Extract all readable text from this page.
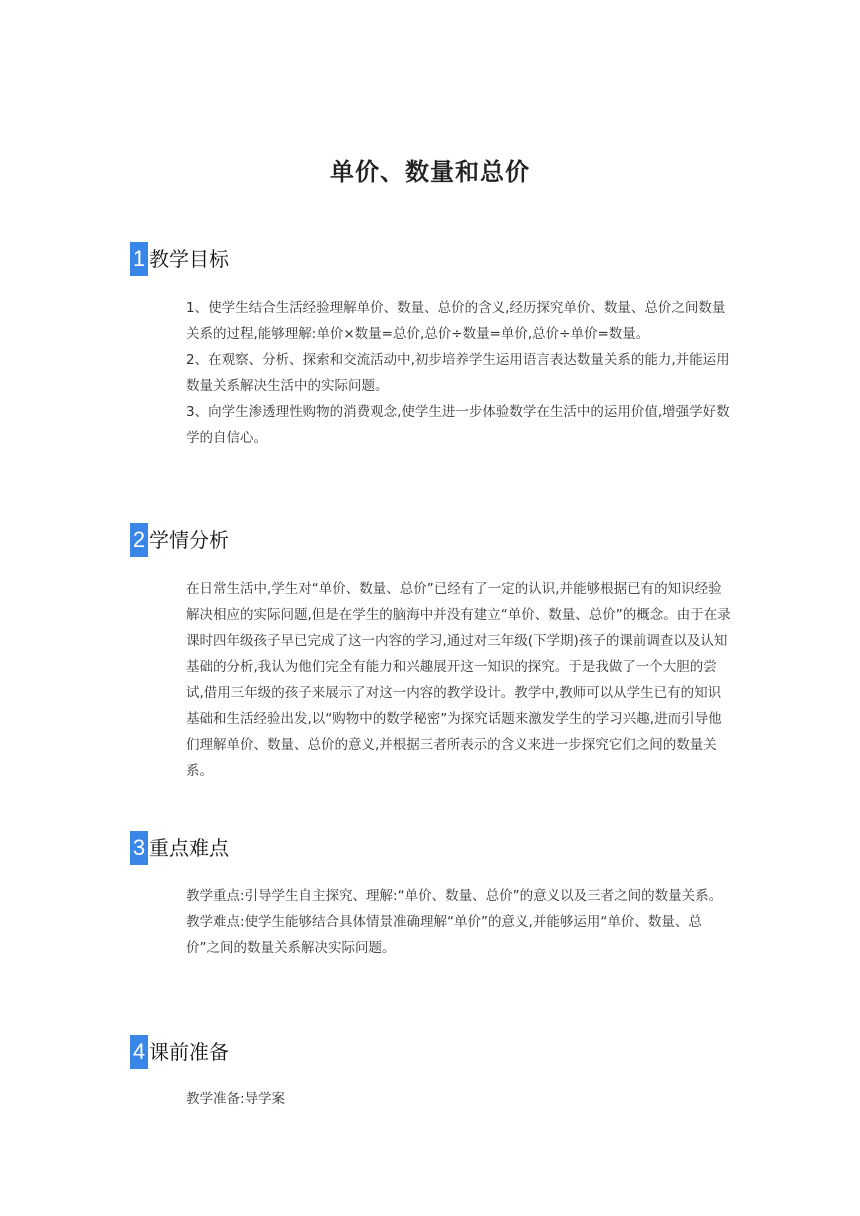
单价、数量和总价
1 教学目标

1、使学生结合生活经验理解单价、数量、总价的含义,经历探究单价、数量、总价之间数量关系的过程,能够理解:单价×数量=总价,总价÷数量=单价,总价÷单价=数量。

2、在观察、分析、探索和交流活动中,初步培养学生运用语言表达数量关系的能力,并能运用数量关系解决生活中的实际问题。

3、向学生渗透理性购物的消费观念,使学生进一步体验数学在生活中的运用价值,增强学好数学的自信心。

2 学情分析

在日常生活中,学生对“单价、数量、总价”已经有了一定的认识,并能够根据已有的知识经验解决相应的实际问题,但是在学生的脑海中并没有建立“单价、数量、总价”的概念。由于在录课时四年级孩子早已完成了这一内容的学习,通过对三年级(下学期)孩子的课前调查以及认知基础的分析,我认为他们完全有能力和兴趣展开这一知识的探究。于是我做了一个大胆的尝试,借用三年级的孩子来展示了对这一内容的教学设计。教学中,教师可以从学生已有的知识基础和生活经验出发,以“购物中的数学秘密”为探究话题来激发学生的学习兴趣,进而引导他们理解单价、数量、总价的意义,并根据三者所表示的含义来进一步探究它们之间的数量关系。

3 重点难点

教学重点:引导学生自主探究、理解:“单价、数量、总价”的意义以及三者之间的数量关系。

教学难点:使学生能够结合具体情景准确理解“单价”的意义,并能够运用“单价、数量、总价”之间的数量关系解决实际问题。

4 课前准备

教学准备:导学案
